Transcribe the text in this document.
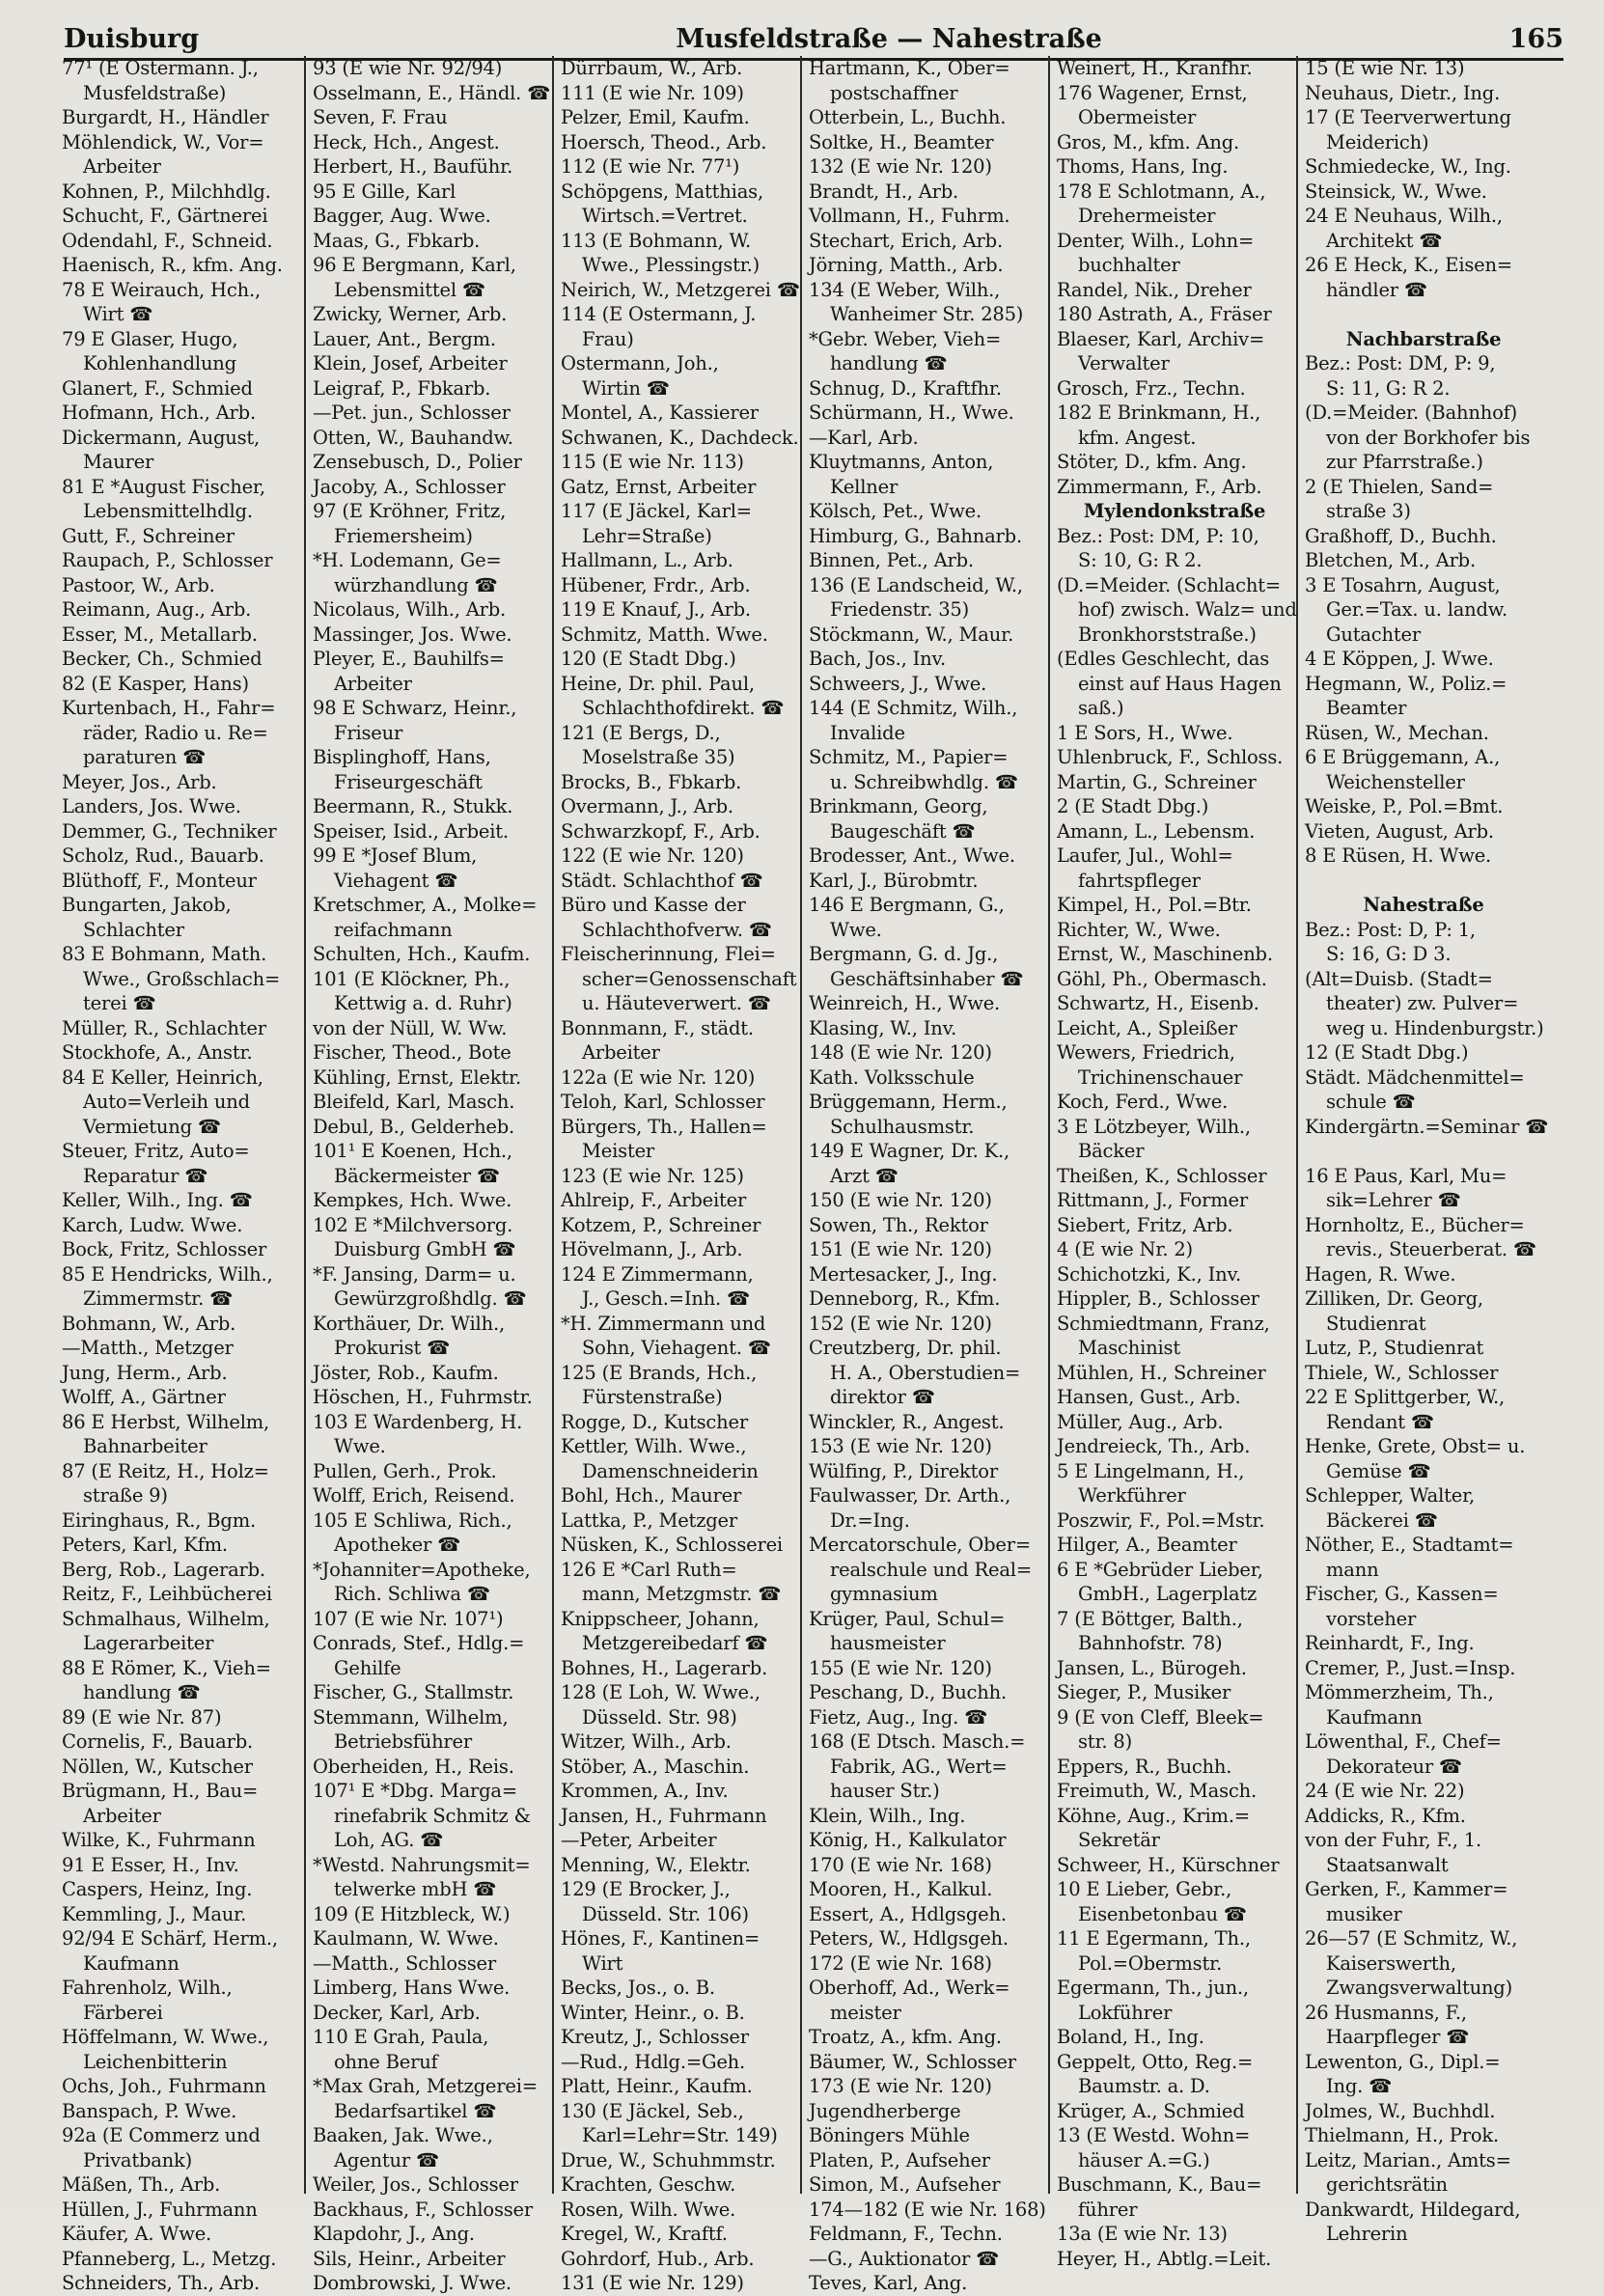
Duisburg	Musfeldstraße — Nahestraße	165
77¹ (E Ostermann. J.,
Musfeldstraße)
Burgardt, H., Händler
Möhlendick, W., Vor=
Arbeiter
Kohnen, P., Milchhdlg.
Schucht, F., Gärtnerei
Odendahl, F., Schneid.
Haenisch, R., kfm. Ang.
78 E Weirauch, Hch.,
Wirt ☎
79 E Glaser, Hugo,
Kohlenhandlung
Glanert, F., Schmied
Hofmann, Hch., Arb.
Dickermann, August,
Maurer
81 E *August Fischer,
Lebensmittelhdlg.
Gutt, F., Schreiner
Raupach, P., Schlosser
Pastoor, W., Arb.
Reimann, Aug., Arb.
Esser, M., Metallarb.
Becker, Ch., Schmied
82 (E Kasper, Hans)
Kurtenbach, H., Fahr=
räder, Radio u. Re=
paraturen ☎
Meyer, Jos., Arb.
Landers, Jos. Wwe.
Demmer, G., Techniker
Scholz, Rud., Bauarb.
Blüthoff, F., Monteur
Bungarten, Jakob,
Schlachter
83 E Bohmann, Math.
Wwe., Großschlach=
terei ☎
Müller, R., Schlachter
Stockhofe, A., Anstr.
84 E Keller, Heinrich,
Auto=Verleih und
Vermietung ☎
Steuer, Fritz, Auto=
Reparatur ☎
Keller, Wilh., Ing. ☎
Karch, Ludw. Wwe.
Bock, Fritz, Schlosser
85 E Hendricks, Wilh.,
Zimmermstr. ☎
Bohmann, W., Arb.
—Matth., Metzger
Jung, Herm., Arb.
Wolff, A., Gärtner
86 E Herbst, Wilhelm,
Bahnarbeiter
87 (E Reitz, H., Holz=
straße 9)
Eiringhaus, R., Bgm.
Peters, Karl, Kfm.
Berg, Rob., Lagerarb.
Reitz, F., Leihbücherei
Schmalhaus, Wilhelm,
Lagerarbeiter
88 E Römer, K., Vieh=
handlung ☎
89 (E wie Nr. 87)
Cornelis, F., Bauarb.
Nöllen, W., Kutscher
Brügmann, H., Bau=
Arbeiter
Wilke, K., Fuhrmann
91 E Esser, H., Inv.
Caspers, Heinz, Ing.
Kemmling, J., Maur.
92/94 E Schärf, Herm.,
Kaufmann
Fahrenholz, Wilh.,
Färberei
Höffelmann, W. Wwe.,
Leichenbitterin
Ochs, Joh., Fuhrmann
Banspach, P. Wwe.
92a (E Commerz und
Privatbank)
Mäßen, Th., Arb.
Hüllen, J., Fuhrmann
Käufer, A. Wwe.
Pfanneberg, L., Metzg.
Schneiders, Th., Arb.
93 (E wie Nr. 92/94)
Osselmann, E., Händl. ☎
Seven, F. Frau
Heck, Hch., Angest.
Herbert, H., Bauführ.
95 E Gille, Karl
Bagger, Aug. Wwe.
Maas, G., Fbkarb.
96 E Bergmann, Karl,
Lebensmittel ☎
Zwicky, Werner, Arb.
Lauer, Ant., Bergm.
Klein, Josef, Arbeiter
Leigraf, P., Fbkarb.
—Pet. jun., Schlosser
Otten, W., Bauhandw.
Zensebusch, D., Polier
Jacoby, A., Schlosser
97 (E Kröhner, Fritz,
Friemersheim)
*H. Lodemann, Ge=
würzhandlung ☎
Nicolaus, Wilh., Arb.
Massinger, Jos. Wwe.
Pleyer, E., Bauhilfs=
Arbeiter
98 E Schwarz, Heinr.,
Friseur
Bisplinghoff, Hans,
Friseurgeschäft
Beermann, R., Stukk.
Speiser, Isid., Arbeit.
99 E *Josef Blum,
Viehagent ☎
Kretschmer, A., Molke=
reifachmann
Schulten, Hch., Kaufm.
101 (E Klöckner, Ph.,
Kettwig a. d. Ruhr)
von der Nüll, W. Ww.
Fischer, Theod., Bote
Kühling, Ernst, Elektr.
Bleifeld, Karl, Masch.
Debul, B., Gelderheb.
101¹ E Koenen, Hch.,
Bäckermeister ☎
Kempkes, Hch. Wwe.
102 E *Milchversorg.
Duisburg GmbH ☎
*F. Jansing, Darm= u.
Gewürzgroßhdlg. ☎
Korthäuer, Dr. Wilh.,
Prokurist ☎
Jöster, Rob., Kaufm.
Höschen, H., Fuhrmstr.
103 E Wardenberg, H.
Wwe.
Pullen, Gerh., Prok.
Wolff, Erich, Reisend.
105 E Schliwa, Rich.,
Apotheker ☎
*Johanniter=Apotheke,
Rich. Schliwa ☎
107 (E wie Nr. 107¹)
Conrads, Stef., Hdlg.=
Gehilfe
Fischer, G., Stallmstr.
Stemmann, Wilhelm,
Betriebsführer
Oberheiden, H., Reis.
107¹ E *Dbg. Marga=
rinefabrik Schmitz &
Loh, AG. ☎
*Westd. Nahrungsmit=
telwerke mbH ☎
109 (E Hitzbleck, W.)
Kaulmann, W. Wwe.
—Matth., Schlosser
Limberg, Hans Wwe.
Decker, Karl, Arb.
110 E Grah, Paula,
ohne Beruf
*Max Grah, Metzgerei=
Bedarfsartikel ☎
Baaken, Jak. Wwe.,
Agentur ☎
Weiler, Jos., Schlosser
Backhaus, F., Schlosser
Klapdohr, J., Ang.
Sils, Heinr., Arbeiter
Dombrowski, J. Wwe.
Dürrbaum, W., Arb.
111 (E wie Nr. 109)
Pelzer, Emil, Kaufm.
Hoersch, Theod., Arb.
112 (E wie Nr. 77¹)
Schöpgens, Matthias,
Wirtsch.=Vertret.
113 (E Bohmann, W.
Wwe., Plessingstr.)
Neirich, W., Metzgerei ☎
114 (E Ostermann, J.
Frau)
Ostermann, Joh.,
Wirtin ☎
Montel, A., Kassierer
Schwanen, K., Dachdeck.
115 (E wie Nr. 113)
Gatz, Ernst, Arbeiter
117 (E Jäckel, Karl=
Lehr=Straße)
Hallmann, L., Arb.
Hübener, Frdr., Arb.
119 E Knauf, J., Arb.
Schmitz, Matth. Wwe.
120 (E Stadt Dbg.)
Heine, Dr. phil. Paul,
Schlachthofdirekt. ☎
121 (E Bergs, D.,
Moselstraße 35)
Brocks, B., Fbkarb.
Overmann, J., Arb.
Schwarzkopf, F., Arb.
122 (E wie Nr. 120)
Städt. Schlachthof ☎
Büro und Kasse der
Schlachthofverw. ☎
Fleischerinnung, Flei=
scher=Genossenschaft
u. Häuteverwert. ☎
Bonnmann, F., städt.
Arbeiter
122a (E wie Nr. 120)
Teloh, Karl, Schlosser
Bürgers, Th., Hallen=
Meister
123 (E wie Nr. 125)
Ahlreip, F., Arbeiter
Kotzem, P., Schreiner
Hövelmann, J., Arb.
124 E Zimmermann,
J., Gesch.=Inh. ☎
*H. Zimmermann und
Sohn, Viehagent. ☎
125 (E Brands, Hch.,
Fürstenstraße)
Rogge, D., Kutscher
Kettler, Wilh. Wwe.,
Damenschneiderin
Bohl, Hch., Maurer
Lattka, P., Metzger
Nüsken, K., Schlosserei
126 E *Carl Ruth=
mann, Metzgmstr. ☎
Knippscheer, Johann,
Metzgereibedarf ☎
Bohnes, H., Lagerarb.
128 (E Loh, W. Wwe.,
Düsseld. Str. 98)
Witzer, Wilh., Arb.
Stöber, A., Maschin.
Krommen, A., Inv.
Jansen, H., Fuhrmann
—Peter, Arbeiter
Menning, W., Elektr.
129 (E Brocker, J.,
Düsseld. Str. 106)
Hönes, F., Kantinen=
Wirt
Becks, Jos., o. B.
Winter, Heinr., o. B.
Kreutz, J., Schlosser
—Rud., Hdlg.=Geh.
Platt, Heinr., Kaufm.
130 (E Jäckel, Seb.,
Karl=Lehr=Str. 149)
Drue, W., Schuhmmstr.
Krachten, Geschw.
Rosen, Wilh. Wwe.
Kregel, W., Kraftf.
Gohrdorf, Hub., Arb.
131 (E wie Nr. 129)
Hartmann, K., Ober=
postschaffner
Otterbein, L., Buchh.
Soltke, H., Beamter
132 (E wie Nr. 120)
Brandt, H., Arb.
Vollmann, H., Fuhrm.
Stechart, Erich, Arb.
Jörning, Matth., Arb.
134 (E Weber, Wilh.,
Wanheimer Str. 285)
*Gebr. Weber, Vieh=
handlung ☎
Schnug, D., Kraftfhr.
Schürmann, H., Wwe.
—Karl, Arb.
Kluytmanns, Anton,
Kellner
Kölsch, Pet., Wwe.
Himburg, G., Bahnarb.
Binnen, Pet., Arb.
136 (E Landscheid, W.,
Friedenstr. 35)
Stöckmann, W., Maur.
Bach, Jos., Inv.
Schweers, J., Wwe.
144 (E Schmitz, Wilh.,
Invalide
Schmitz, M., Papier=
u. Schreibwhdlg. ☎
Brinkmann, Georg,
Baugeschäft ☎
Brodesser, Ant., Wwe.
Karl, J., Bürobmtr.
146 E Bergmann, G.,
Wwe.
Bergmann, G. d. Jg.,
Geschäftsinhaber ☎
Weinreich, H., Wwe.
Klasing, W., Inv.
148 (E wie Nr. 120)
Kath. Volksschule
Brüggemann, Herm.,
Schulhausmstr.
149 E Wagner, Dr. K.,
Arzt ☎
150 (E wie Nr. 120)
Sowen, Th., Rektor
151 (E wie Nr. 120)
Mertesacker, J., Ing.
Denneborg, R., Kfm.
152 (E wie Nr. 120)
Creutzberg, Dr. phil.
H. A., Oberstudien=
direktor ☎
Winckler, R., Angest.
153 (E wie Nr. 120)
Wülfing, P., Direktor
Faulwasser, Dr. Arth.,
Dr.=Ing.
Mercatorschule, Ober=
realschule und Real=
gymnasium
Krüger, Paul, Schul=
hausmeister
155 (E wie Nr. 120)
Peschang, D., Buchh.
Fietz, Aug., Ing. ☎
168 (E Dtsch. Masch.=
Fabrik, AG., Wert=
hauser Str.)
Klein, Wilh., Ing.
König, H., Kalkulator
170 (E wie Nr. 168)
Mooren, H., Kalkul.
Essert, A., Hdlgsgeh.
Peters, W., Hdlgsgeh.
172 (E wie Nr. 168)
Oberhoff, Ad., Werk=
meister
Troatz, A., kfm. Ang.
Bäumer, W., Schlosser
173 (E wie Nr. 120)
Jugendherberge
Böningers Mühle
Platen, P., Aufseher
Simon, M., Aufseher
174—182 (E wie Nr. 168)
Feldmann, F., Techn.
—G., Auktionator ☎
Teves, Karl, Ang.
Weinert, H., Kranfhr.
176 Wagener, Ernst,
Obermeister
Gros, M., kfm. Ang.
Thoms, Hans, Ing.
178 E Schlotmann, A.,
Drehermeister
Denter, Wilh., Lohn=
buchhalter
Randel, Nik., Dreher
180 Astrath, A., Fräser
Blaeser, Karl, Archiv=
Verwalter
Grosch, Frz., Techn.
182 E Brinkmann, H.,
kfm. Angest.
Stöter, D., kfm. Ang.
Zimmermann, F., Arb.
Mylendonkstraße
Bez.: Post: DM, P: 10,
S: 10, G: R 2.
(D.=Meider. (Schlacht=
hof) zwisch. Walz= und
Bronkhorststraße.)
(Edles Geschlecht, das
einst auf Haus Hagen
saß.)
1 E Sors, H., Wwe.
Uhlenbruck, F., Schloss.
Martin, G., Schreiner
2 (E Stadt Dbg.)
Amann, L., Lebensm.
Laufer, Jul., Wohl=
fahrtspfleger
Kimpel, H., Pol.=Btr.
Richter, W., Wwe.
Ernst, W., Maschinenb.
Göhl, Ph., Obermasch.
Schwartz, H., Eisenb.
Leicht, A., Spleißer
Wewers, Friedrich,
Trichinenschauer
Koch, Ferd., Wwe.
3 E Lötzbeyer, Wilh.,
Bäcker
Theißen, K., Schlosser
Rittmann, J., Former
Siebert, Fritz, Arb.
4 (E wie Nr. 2)
Schichotzki, K., Inv.
Hippler, B., Schlosser
Schmiedtmann, Franz,
Maschinist
Mühlen, H., Schreiner
Hansen, Gust., Arb.
Müller, Aug., Arb.
Jendreieck, Th., Arb.
5 E Lingelmann, H.,
Werkführer
Poszwir, F., Pol.=Mstr.
Hilger, A., Beamter
6 E *Gebrüder Lieber,
GmbH., Lagerplatz
7 (E Böttger, Balth.,
Bahnhofstr. 78)
Jansen, L., Bürogeh.
Sieger, P., Musiker
9 (E von Cleff, Bleek=
str. 8)
Eppers, R., Buchh.
Freimuth, W., Masch.
Köhne, Aug., Krim.=
Sekretär
Schweer, H., Kürschner
10 E Lieber, Gebr.,
Eisenbetonbau ☎
11 E Egermann, Th.,
Pol.=Obermstr.
Egermann, Th., jun.,
Lokführer
Boland, H., Ing.
Geppelt, Otto, Reg.=
Baumstr. a. D.
Krüger, A., Schmied
13 (E Westd. Wohn=
häuser A.=G.)
Buschmann, K., Bau=
führer
13a (E wie Nr. 13)
Heyer, H., Abtlg.=Leit.
15 (E wie Nr. 13)
Neuhaus, Dietr., Ing.
17 (E Teerverwertung
Meiderich)
Schmiedecke, W., Ing.
Steinsick, W., Wwe.
24 E Neuhaus, Wilh.,
Architekt ☎
26 E Heck, K., Eisen=
händler ☎
Nachbarstraße
Bez.: Post: DM, P: 9,
S: 11, G: R 2.
(D.=Meider. (Bahnhof)
von der Borkhofer bis
zur Pfarrstraße.)
2 (E Thielen, Sand=
straße 3)
Graßhoff, D., Buchh.
Bletchen, M., Arb.
3 E Tosahrn, August,
Ger.=Tax. u. landw.
Gutachter
4 E Köppen, J. Wwe.
Hegmann, W., Poliz.=
Beamter
Rüsen, W., Mechan.
6 E Brüggemann, A.,
Weichensteller
Weiske, P., Pol.=Bmt.
Vieten, August, Arb.
8 E Rüsen, H. Wwe.
Nahestraße
Bez.: Post: D, P: 1,
S: 16, G: D 3.
(Alt=Duisb. (Stadt=
theater) zw. Pulver=
weg u. Hindenburgstr.)
12 (E Stadt Dbg.)
Städt. Mädchenmittel=
schule ☎
Kindergärtn.=Seminar ☎
16 E Paus, Karl, Mu=
sik=Lehrer ☎
Hornholtz, E., Bücher=
revis., Steuerberat. ☎
Hagen, R. Wwe.
Zilliken, Dr. Georg,
Studienrat
Lutz, P., Studienrat
Thiele, W., Schlosser
22 E Splittgerber, W.,
Rendant ☎
Henke, Grete, Obst= u.
Gemüse ☎
Schlepper, Walter,
Bäckerei ☎
Nöther, E., Stadtamt=
mann
Fischer, G., Kassen=
vorsteher
Reinhardt, F., Ing.
Cremer, P., Just.=Insp.
Mömmerzheim, Th.,
Kaufmann
Löwenthal, F., Chef=
Dekorateur ☎
24 (E wie Nr. 22)
Addicks, R., Kfm.
von der Fuhr, F., 1.
Staatsanwalt
Gerken, F., Kammer=
musiker
26—57 (E Schmitz, W.,
Kaiserswerth,
Zwangsverwaltung)
26 Husmanns, F.,
Haarpfleger ☎
Lewenton, G., Dipl.=
Ing. ☎
Jolmes, W., Buchhdl.
Thielmann, H., Prok.
Leitz, Marian., Amts=
gerichtsrätin
Dankwardt, Hildegard,
Lehrerin
